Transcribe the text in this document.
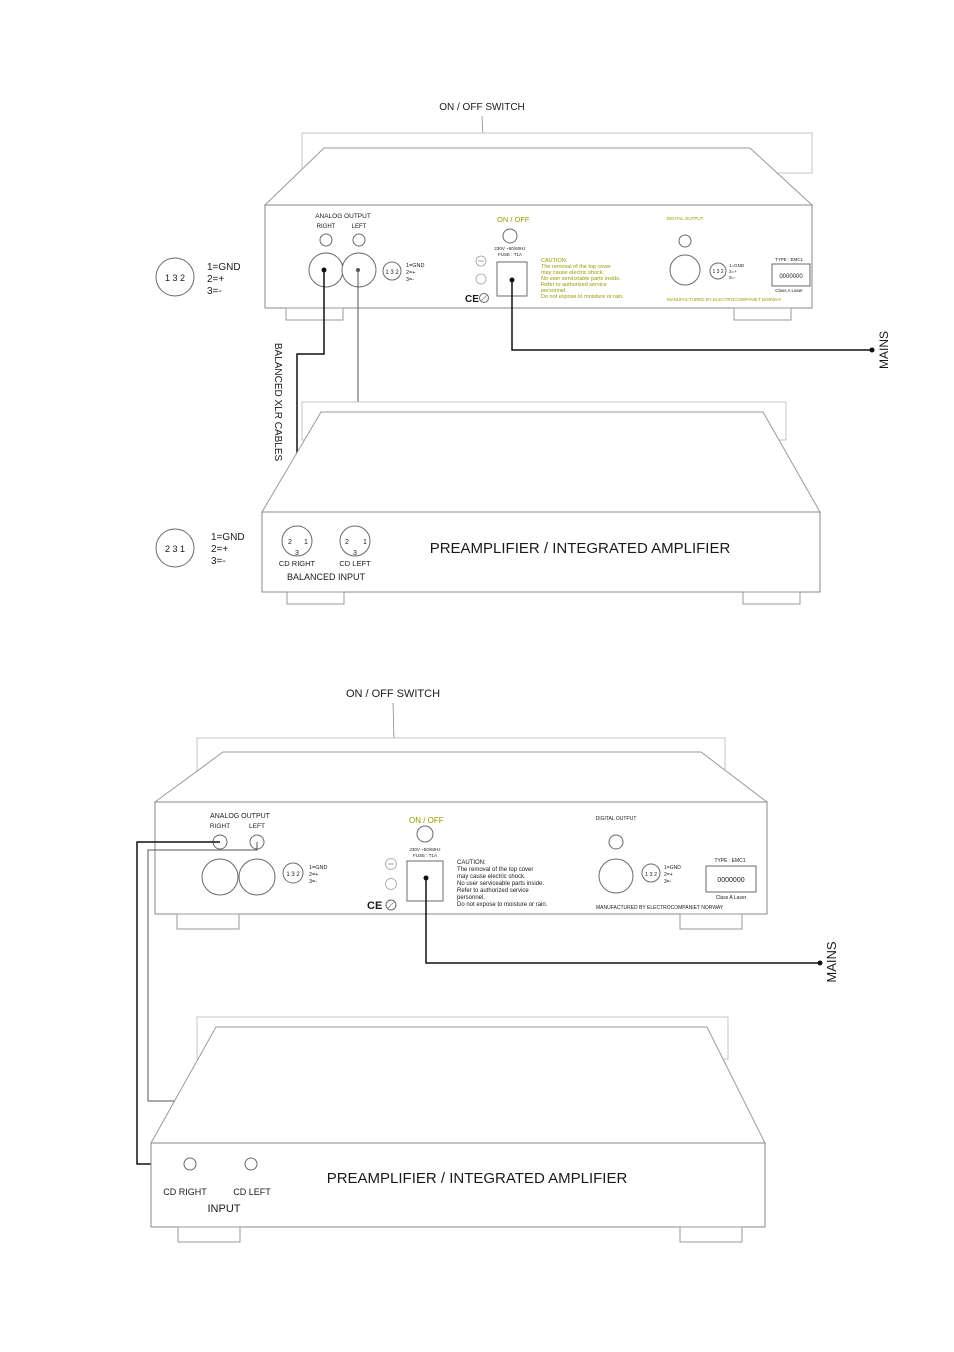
ON / OFF SWITCH
ANALOG OUTPUT
RIGHT	LEFT
1 3 2
1=GND
2=+
3=-
ON / OFF
230V ~50/60Hz
FUSE : T1A
CE
CAUTION:
The removal of the top cover
may cause electric shock.
No user serviceable parts inside.
Refer to authorized service
personnel.
Do not expose to moisture or rain.
DIGITAL OUTPUT
1 3 2
1=GND
2=+
3=-
TYPE : EMC1
0000000
Class A Laser
MANUFACTURED BY ELECTROCOMPANIET NORWAY
MAINS
1 3 2
1=GND
2=+
3=-
2 3 1
1=GND
2=+
3=-
BALANCED XLR CABLES
2 1
3
2 1
3
CD RIGHT	CD LEFT
BALANCED INPUT
PREAMPLIFIER / INTEGRATED AMPLIFIER
ON / OFF SWITCH
ANALOG OUTPUT
RIGHT	LEFT
1 3 2
1=GND
2=+
3=-
ON / OFF
230V ~50/60Hz
FUSE : T1A
CE
CAUTION:
The removal of the top cover
may cause electric shock.
No user serviceable parts inside.
Refer to authorized service
personnel.
Do not expose to moisture or rain.
DIGITAL OUTPUT
1 3 2
1=GND
2=+
3=-
TYPE : EMC1
0000000
Class A Laser
MANUFACTURED BY ELECTROCOMPANIET NORWAY
MAINS
CD RIGHT	CD LEFT
INPUT
PREAMPLIFIER / INTEGRATED AMPLIFIER
